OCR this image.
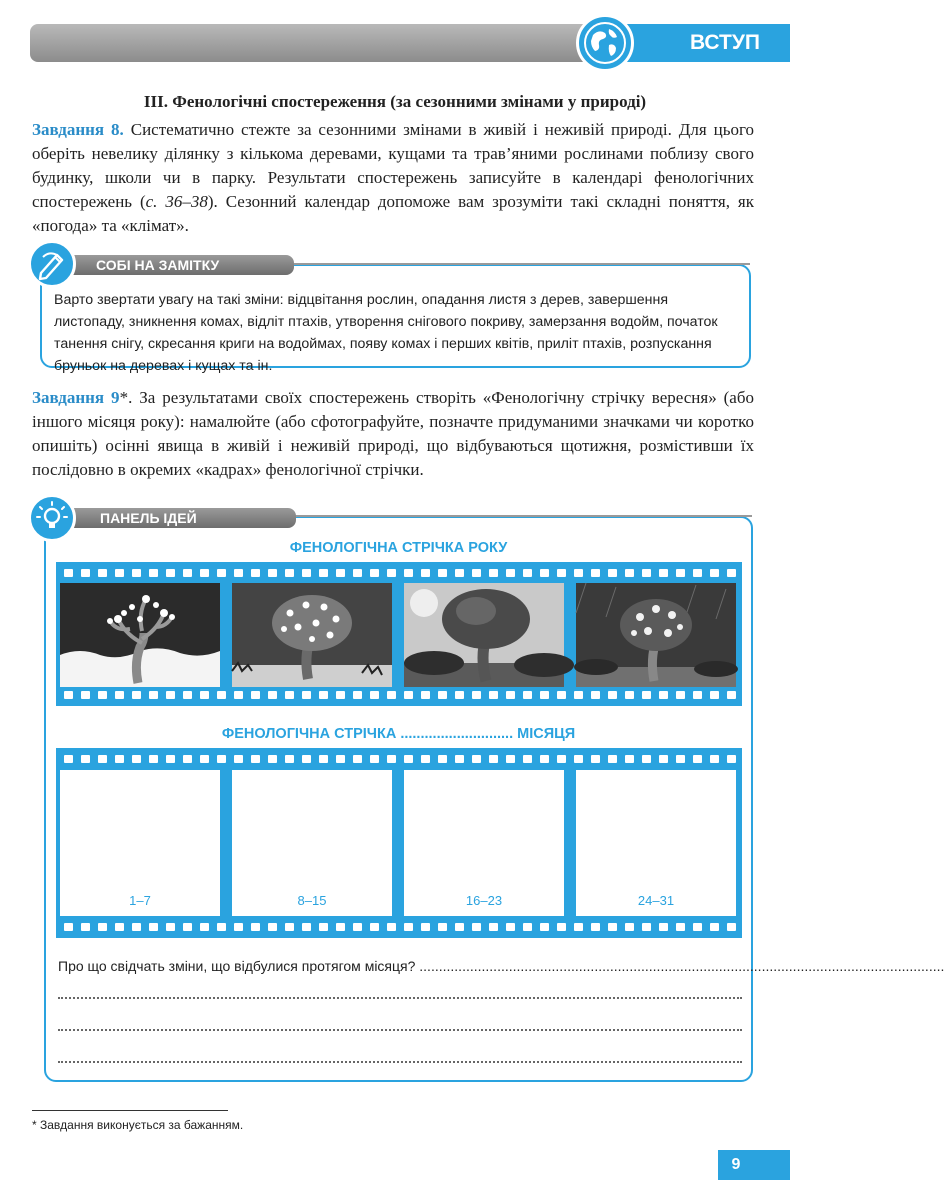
ВСТУП
ІІІ. Фенологічні спостереження (за сезонними змінами у природі)
Завдання 8. Систематично стежте за сезонними змінами в живій і неживій природі. Для цього оберіть невелику ділянку з кількома деревами, кущами та трав’яними рослинами поблизу свого будинку, школи чи в парку. Результати спостережень записуйте в календарі фенологічних спостережень (с. 36–38). Сезонний календар допоможе вам зрозуміти такі складні поняття, як «погода» та «клімат».
СОБІ НА ЗАМІТКУ
Варто звертати увагу на такі зміни: відцвітання рослин, опадання листя з дерев, завершення листопаду, зникнення комах, відліт птахів, утворення снігового покриву, замерзання водойм, початок танення снігу, скресання криги на водоймах, появу комах і перших квітів, приліт птахів, розпускання бруньок на деревах і кущах та ін.
Завдання 9*. За результатами своїх спостережень створіть «Фенологічну стрічку вересня» (або іншого місяця року): намалюйте (або сфотографуйте, позначте придуманими значками чи коротко опишіть) осінні явища в живій і неживій природі, що відбуваються щотижня, розмістивши їх послідовно в окремих «кадрах» фенологічної стрічки.
ПАНЕЛЬ ІДЕЙ
ФЕНОЛОГІЧНА СТРІЧКА РОКУ
ФЕНОЛОГІЧНА СТРІЧКА ............................ МІСЯЦЯ
1–7	8–15	16–23	24–31
Про що свідчать зміни, що відбулися протягом місяця? .......................................................................................................................................
* Завдання виконується за бажанням.
9
